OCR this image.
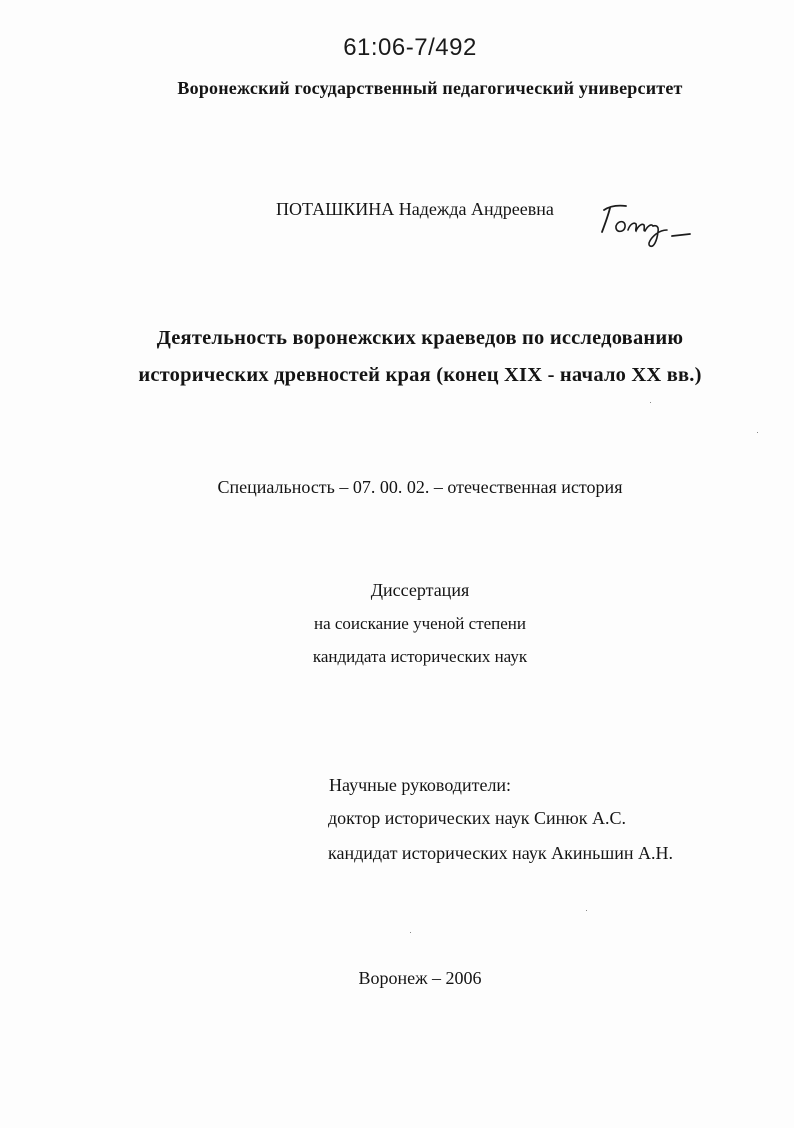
61:06-7/492
Воронежский государственный педагогический университет
ПОТАШКИНА Надежда Андреевна
Деятельность воронежских краеведов по исследованию
исторических древностей края (конец XIX - начало XX вв.)
Специальность – 07. 00. 02. – отечественная история
Диссертация
на соискание ученой степени
кандидата исторических наук
Научные руководители:
доктор исторических наук Синюк А.С.
кандидат исторических наук Акиньшин А.Н.
Воронеж – 2006
